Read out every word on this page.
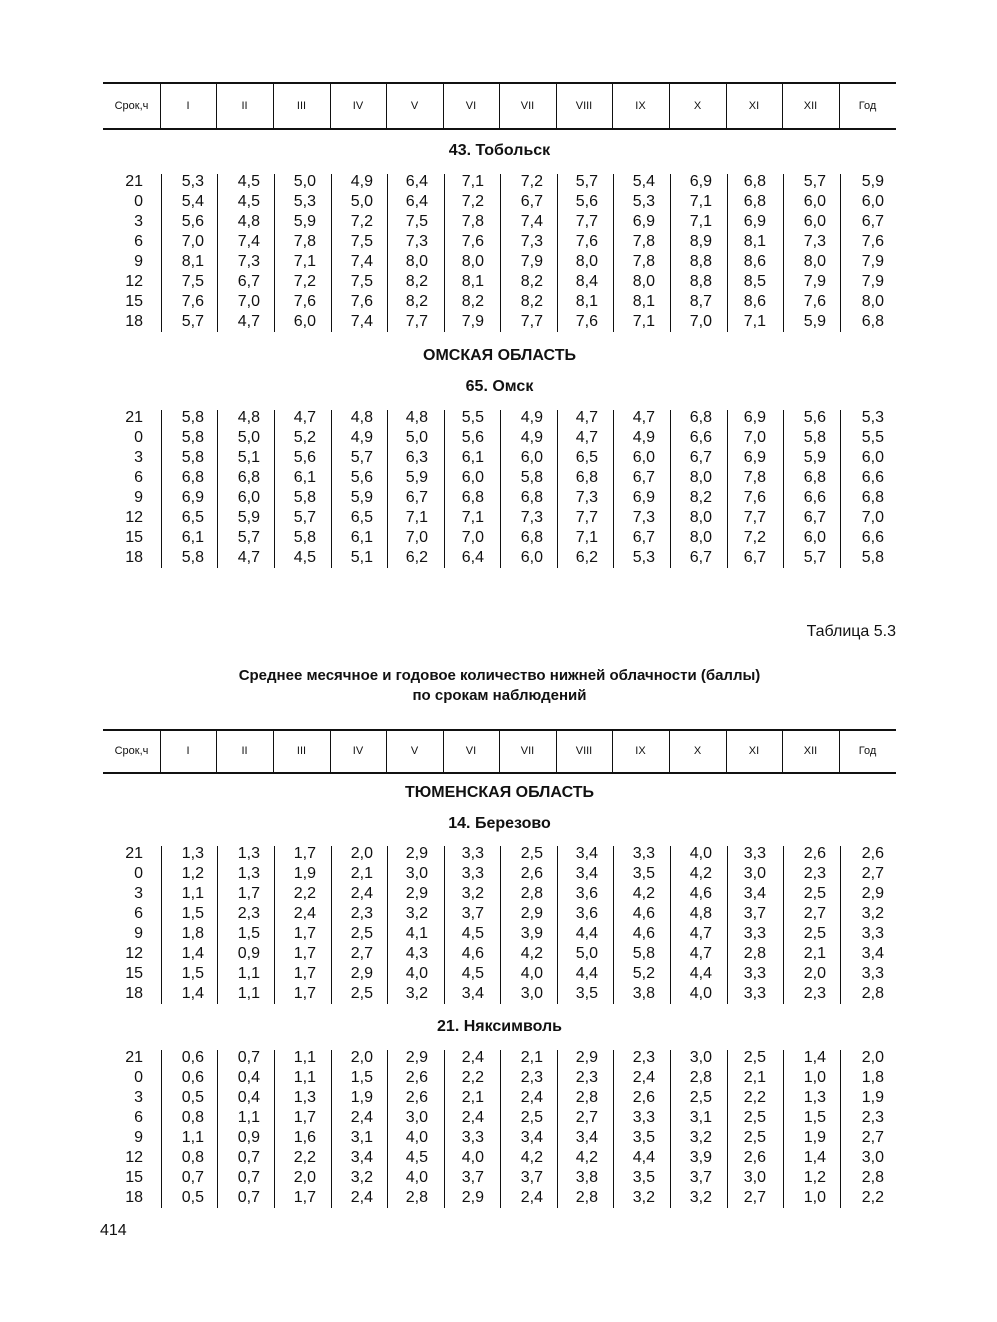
Срок, ч	I	II	III	IV	V	VI	VII	VIII	IX	X	XI	XII	Год
43. Тобольск
21 5,3 4,5 5,0 4,9 6,4 7,1 7,2 5,7 5,4 6,9 6,8 5,7 5,9
0 5,4 4,5 5,3 5,0 6,4 7,2 6,7 5,6 5,3 7,1 6,8 6,0 6,0
3 5,6 4,8 5,9 7,2 7,5 7,8 7,4 7,7 6,9 7,1 6,9 6,0 6,7
6 7,0 7,4 7,8 7,5 7,3 7,6 7,3 7,6 7,8 8,9 8,1 7,3 7,6
9 8,1 7,3 7,1 7,4 8,0 8,0 7,9 8,0 7,8 8,8 8,6 8,0 7,9
12 7,5 6,7 7,2 7,5 8,2 8,1 8,2 8,4 8,0 8,8 8,5 7,9 7,9
15 7,6 7,0 7,6 7,6 8,2 8,2 8,2 8,1 8,1 8,7 8,6 7,6 8,0
18 5,7 4,7 6,0 7,4 7,7 7,9 7,7 7,6 7,1 7,0 7,1 5,9 6,8
ОМСКАЯ ОБЛАСТЬ
65. Омск
21 5,8 4,8 4,7 4,8 4,8 5,5 4,9 4,7 4,7 6,8 6,9 5,6 5,3
0 5,8 5,0 5,2 4,9 5,0 5,6 4,9 4,7 4,9 6,6 7,0 5,8 5,5
3 5,8 5,1 5,6 5,7 6,3 6,1 6,0 6,5 6,0 6,7 6,9 5,9 6,0
6 6,8 6,8 6,1 5,6 5,9 6,0 5,8 6,8 6,7 8,0 7,8 6,8 6,6
9 6,9 6,0 5,8 5,9 6,7 6,8 6,8 7,3 6,9 8,2 7,6 6,6 6,8
12 6,5 5,9 5,7 6,5 7,1 7,1 7,3 7,7 7,3 8,0 7,7 6,7 7,0
15 6,1 5,7 5,8 6,1 7,0 7,0 6,8 7,1 6,7 8,0 7,2 6,0 6,6
18 5,8 4,7 4,5 5,1 6,2 6,4 6,0 6,2 5,3 6,7 6,7 5,7 5,8
Таблица 5.3
Среднее месячное и годовое количество нижней облачности (баллы)
по срокам наблюдений
Срок, ч	I	II	III	IV	V	VI	VII	VIII	IX	X	XI	XII	Год
ТЮМЕНСКАЯ ОБЛАСТЬ
14. Березово
21 1,3 1,3 1,7 2,0 2,9 3,3 2,5 3,4 3,3 4,0 3,3 2,6 2,6
0 1,2 1,3 1,9 2,1 3,0 3,3 2,6 3,4 3,5 4,2 3,0 2,3 2,7
3 1,1 1,7 2,2 2,4 2,9 3,2 2,8 3,6 4,2 4,6 3,4 2,5 2,9
6 1,5 2,3 2,4 2,3 3,2 3,7 2,9 3,6 4,6 4,8 3,7 2,7 3,2
9 1,8 1,5 1,7 2,5 4,1 4,5 3,9 4,4 4,6 4,7 3,3 2,5 3,3
12 1,4 0,9 1,7 2,7 4,3 4,6 4,2 5,0 5,8 4,7 2,8 2,1 3,4
15 1,5 1,1 1,7 2,9 4,0 4,5 4,0 4,4 5,2 4,4 3,3 2,0 3,3
18 1,4 1,1 1,7 2,5 3,2 3,4 3,0 3,5 3,8 4,0 3,3 2,3 2,8
21. Няксимволь
21 0,6 0,7 1,1 2,0 2,9 2,4 2,1 2,9 2,3 3,0 2,5 1,4 2,0
0 0,6 0,4 1,1 1,5 2,6 2,2 2,3 2,3 2,4 2,8 2,1 1,0 1,8
3 0,5 0,4 1,3 1,9 2,6 2,1 2,4 2,8 2,6 2,5 2,2 1,3 1,9
6 0,8 1,1 1,7 2,4 3,0 2,4 2,5 2,7 3,3 3,1 2,5 1,5 2,3
9 1,1 0,9 1,6 3,1 4,0 3,3 3,4 3,4 3,5 3,2 2,5 1,9 2,7
12 0,8 0,7 2,2 3,4 4,5 4,0 4,2 4,2 4,4 3,9 2,6 1,4 3,0
15 0,7 0,7 2,0 3,2 4,0 3,7 3,7 3,8 3,5 3,7 3,0 1,2 2,8
18 0,5 0,7 1,7 2,4 2,8 2,9 2,4 2,8 3,2 3,2 2,7 1,0 2,2
414
